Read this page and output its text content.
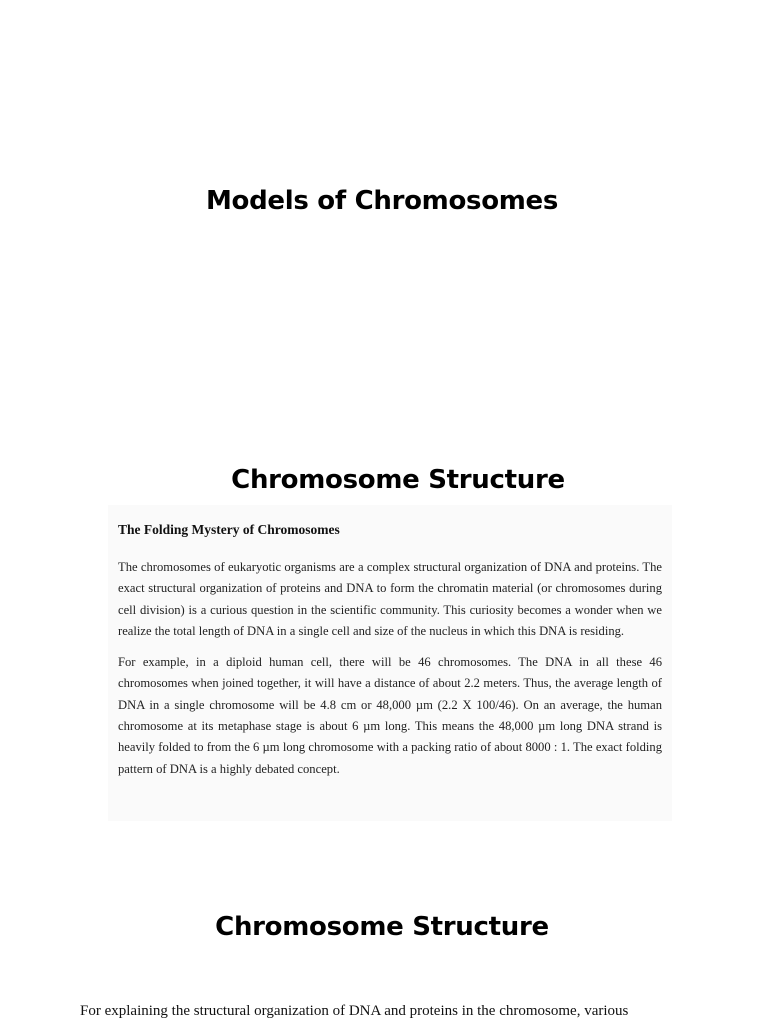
Models of Chromosomes
Chromosome Structure
The Folding Mystery of Chromosomes

The chromosomes of eukaryotic organisms are a complex structural organization of DNA and proteins. The exact structural organization of proteins and DNA to form the chromatin material (or chromosomes during cell division) is a curious question in the scientific community. This curiosity becomes a wonder when we realize the total length of DNA in a single cell and size of the nucleus in which this DNA is residing.

For example, in a diploid human cell, there will be 46 chromosomes. The DNA in all these 46 chromosomes when joined together, it will have a distance of about 2.2 meters. Thus, the average length of DNA in a single chromosome will be 4.8 cm or 48,000 µm (2.2 X 100/46). On an average, the human chromosome at its metaphase stage is about 6 µm long. This means the 48,000 µm long DNA strand is heavily folded to from the 6 µm long chromosome with a packing ratio of about 8000 : 1. The exact folding pattern of DNA is a highly debated concept.

Chromosome Structure
For explaining the structural organization of DNA and proteins in the chromosome, various
